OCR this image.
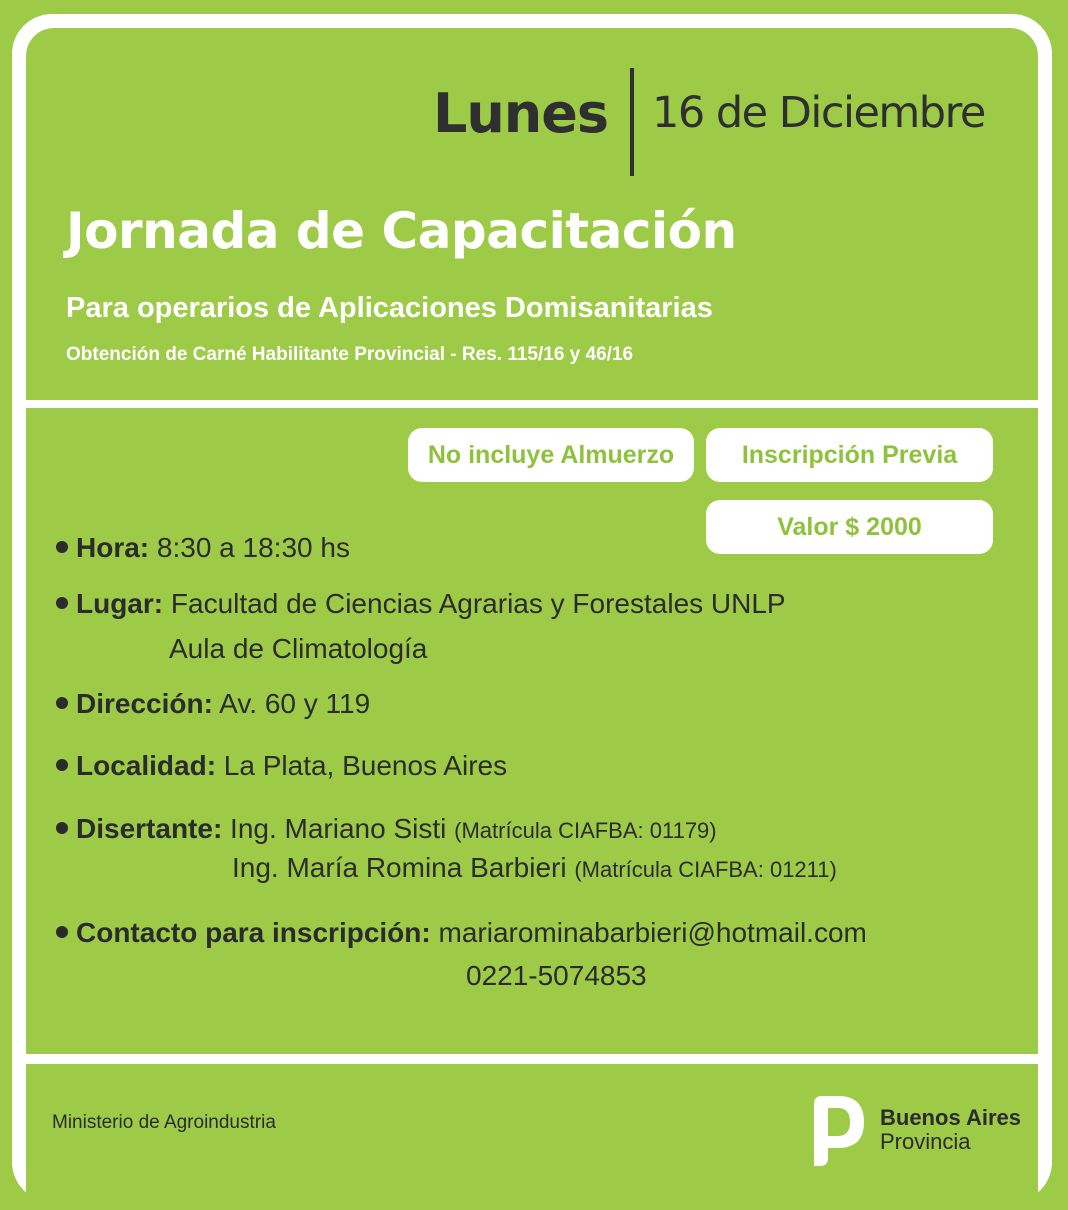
Lunes 16 de Diciembre
Jornada de Capacitación
Para operarios de Aplicaciones Domisanitarias
Obtención de Carné Habilitante Provincial - Res. 115/16 y 46/16
No incluye Almuerzo	Inscripción Previa
Valor $ 2000
Hora: 8:30 a 18:30 hs
Lugar: Facultad de Ciencias Agrarias y Forestales UNLP
Aula de Climatología
Dirección: Av. 60 y 119
Localidad: La Plata, Buenos Aires
Disertante: Ing. Mariano Sisti (Matrícula CIAFBA: 01179)
Ing. María Romina Barbieri (Matrícula CIAFBA: 01211)
Contacto para inscripción: mariarominabarbieri@hotmail.com
0221-5074853
Ministerio de Agroindustria	Buenos Aires
Provincia
